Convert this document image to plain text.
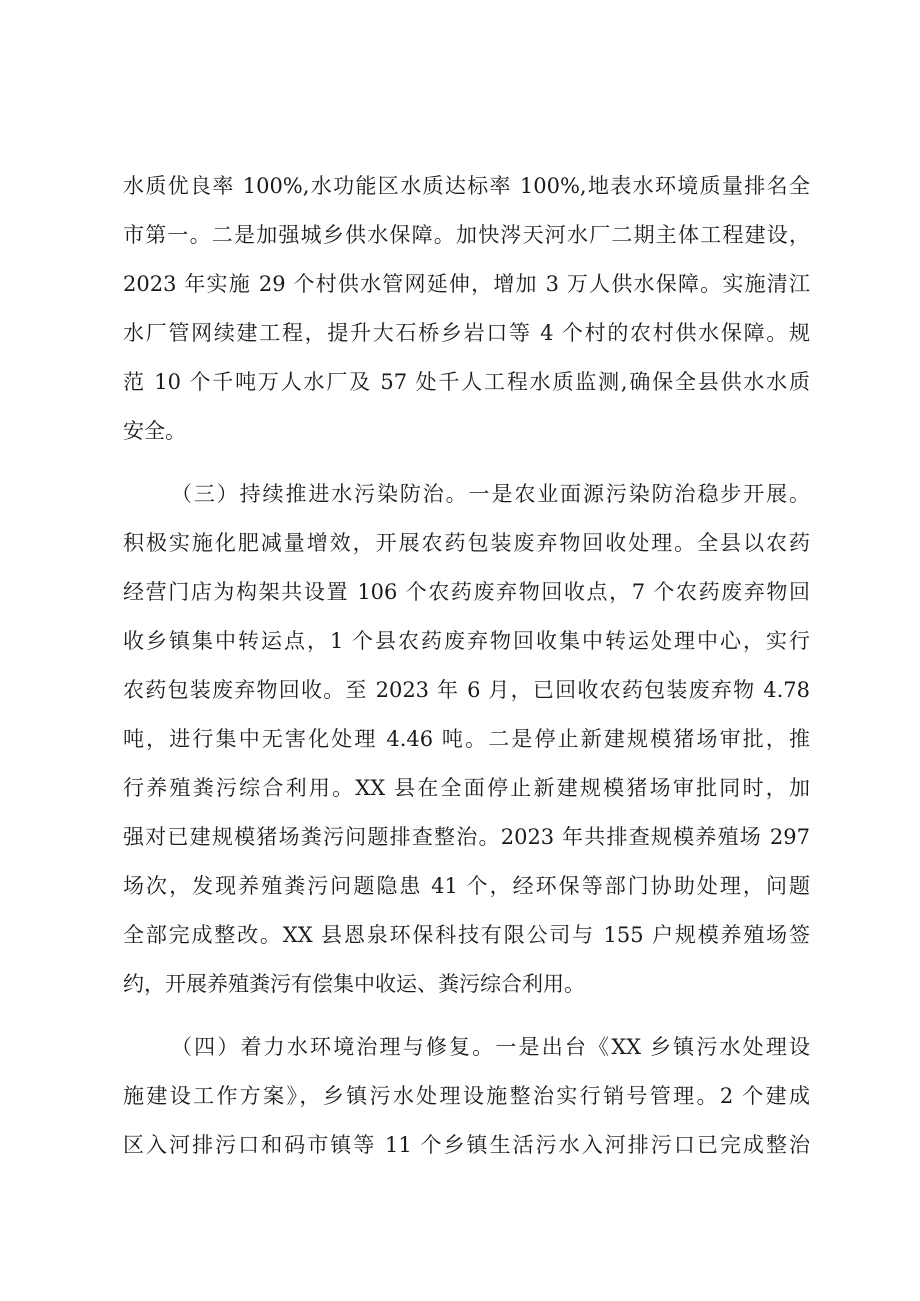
水质优良率 100%,水功能区水质达标率 100%,地表水环境质量排名全
市第一。二是加强城乡供水保障。加快涔天河水厂二期主体工程建设，
2023 年实施 29 个村供水管网延伸，增加 3 万人供水保障。实施清江
水厂管网续建工程，提升大石桥乡岩口等 4 个村的农村供水保障。规
范 10 个千吨万人水厂及 57 处千人工程水质监测,确保全县供水水质
安全。
（三）持续推进水污染防治。一是农业面源污染防治稳步开展。
积极实施化肥减量增效，开展农药包装废弃物回收处理。全县以农药
经营门店为构架共设置 106 个农药废弃物回收点，7 个农药废弃物回
收乡镇集中转运点，1 个县农药废弃物回收集中转运处理中心，实行
农药包装废弃物回收。至 2023 年 6 月，已回收农药包装废弃物 4.78
吨，进行集中无害化处理 4.46 吨。二是停止新建规模猪场审批，推
行养殖粪污综合利用。XX 县在全面停止新建规模猪场审批同时，加
强对已建规模猪场粪污问题排查整治。2023 年共排查规模养殖场 297
场次，发现养殖粪污问题隐患 41 个，经环保等部门协助处理，问题
全部完成整改。XX 县恩泉环保科技有限公司与 155 户规模养殖场签
约，开展养殖粪污有偿集中收运、粪污综合利用。
（四）着力水环境治理与修复。一是出台《XX 乡镇污水处理设
施建设工作方案》，乡镇污水处理设施整治实行销号管理。2 个建成
区入河排污口和码市镇等 11 个乡镇生活污水入河排污口已完成整治
